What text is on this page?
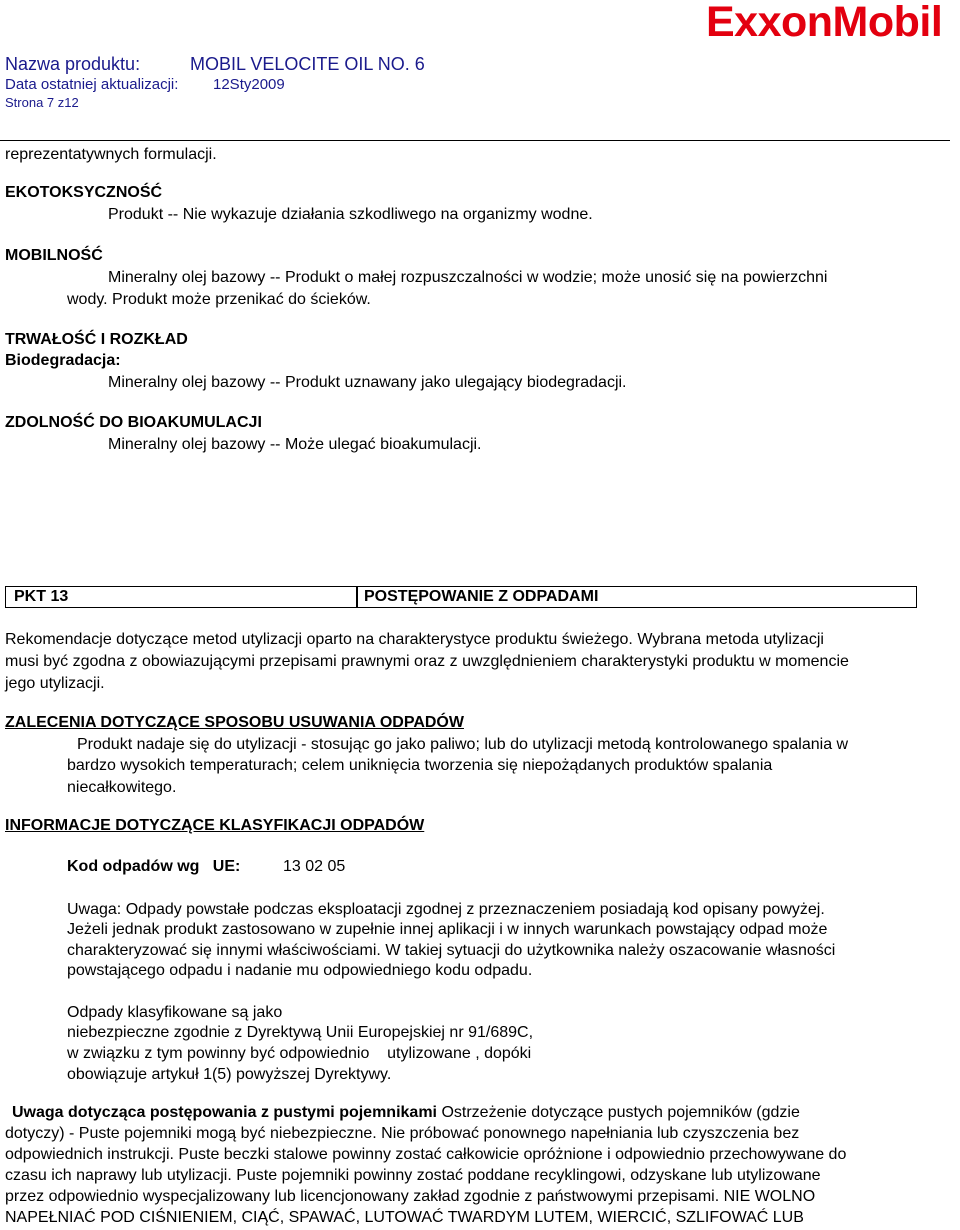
Nazwa produktu:	MOBIL VELOCITE OIL NO. 6
Data ostatniej aktualizacji: 12Sty2009
Strona 7 z12
ExxonMobil
reprezentatywnych formulacji.
EKOTOKSYCZNOŚĆ
Produkt -- Nie wykazuje działania szkodliwego na organizmy wodne.
MOBILNOŚĆ
Mineralny olej bazowy -- Produkt o małej rozpuszczalności w wodzie; może unosić się na powierzchni
wody. Produkt może przenikać do ścieków.
TRWAŁOŚĆ I ROZKŁAD
Biodegradacja:
Mineralny olej bazowy -- Produkt uznawany jako ulegający biodegradacji.
ZDOLNOŚĆ DO BIOAKUMULACJI
Mineralny olej bazowy -- Może ulegać bioakumulacji.
PKT 13	POSTĘPOWANIE Z ODPADAMI
Rekomendacje dotyczące metod utylizacji oparto na charakterystyce produktu świeżego. Wybrana metoda utylizacji
musi być zgodna z obowiazującymi przepisami prawnymi oraz z uwzględnieniem charakterystyki produktu w momencie
jego utylizacji.
ZALECENIA DOTYCZĄCE SPOSOBU USUWANIA ODPADÓW
Produkt nadaje się do utylizacji - stosując go jako paliwo; lub do utylizacji metodą kontrolowanego spalania w
bardzo wysokich temperaturach; celem uniknięcia tworzenia się niepożądanych produktów spalania
niecałkowitego.
INFORMACJE DOTYCZĄCE KLASYFIKACJI ODPADÓW
Kod odpadów wg   UE:	13 02 05
Uwaga: Odpady powstałe podczas eksploatacji zgodnej z przeznaczeniem posiadają kod opisany powyżej.
Jeżeli jednak produkt zastosowano w zupełnie innej aplikacji i w innych warunkach powstający odpad może
charakteryzować się innymi właściwościami. W takiej sytuacji do użytkownika należy oszacowanie własności
powstającego odpadu i nadanie mu odpowiedniego kodu odpadu.
Odpady klasyfikowane są jako
niebezpieczne zgodnie z Dyrektywą Unii Europejskiej nr 91/689C,
w związku z tym powinny być odpowiednio    utylizowane , dopóki
obowiązuje artykuł 1(5) powyższej Dyrektywy.
Uwaga dotycząca postępowania z pustymi pojemnikami Ostrzeżenie dotyczące pustych pojemników (gdzie
dotyczy) - Puste pojemniki mogą być niebezpieczne. Nie próbować ponownego napełniania lub czyszczenia bez
odpowiednich instrukcji. Puste beczki stalowe powinny zostać całkowicie opróżnione i odpowiednio przechowywane do
czasu ich naprawy lub utylizacji. Puste pojemniki powinny zostać poddane recyklingowi, odzyskane lub utylizowane
przez odpowiednio wyspecjalizowany lub licencjonowany zakład zgodnie z państwowymi przepisami. NIE WOLNO
NAPEŁNIAĆ POD CIŚNIENIEM, CIĄĆ, SPAWAĆ, LUTOWAĆ TWARDYM LUTEM, WIERCIĆ, SZLIFOWAĆ LUB
